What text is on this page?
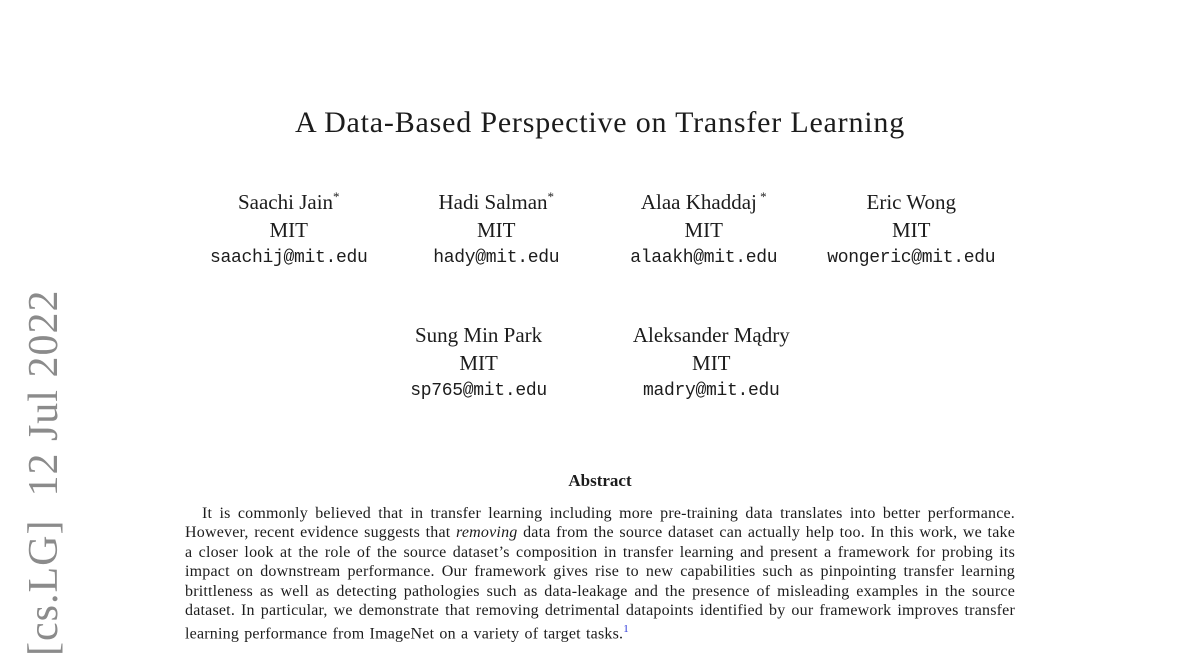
[cs.LG]  12 Jul 2022
A Data-Based Perspective on Transfer Learning
Saachi Jain*
MIT
saachij@mit.edu
Hadi Salman*
MIT
hady@mit.edu
Alaa Khaddaj *
MIT
alaakh@mit.edu
Eric Wong
MIT
wongeric@mit.edu
Sung Min Park
MIT
sp765@mit.edu
Aleksander Mądry
MIT
madry@mit.edu
Abstract

It is commonly believed that in transfer learning including more pre-training data translates into better performance. However, recent evidence suggests that removing data from the source dataset can actually help too. In this work, we take a closer look at the role of the source dataset’s composition in transfer learning and present a framework for probing its impact on downstream performance. Our framework gives rise to new capabilities such as pinpointing transfer learning brittleness as well as detecting pathologies such as data-leakage and the presence of misleading examples in the source dataset. In particular, we demonstrate that removing detrimental datapoints identified by our framework improves transfer learning performance from ImageNet on a variety of target tasks.$^1$
